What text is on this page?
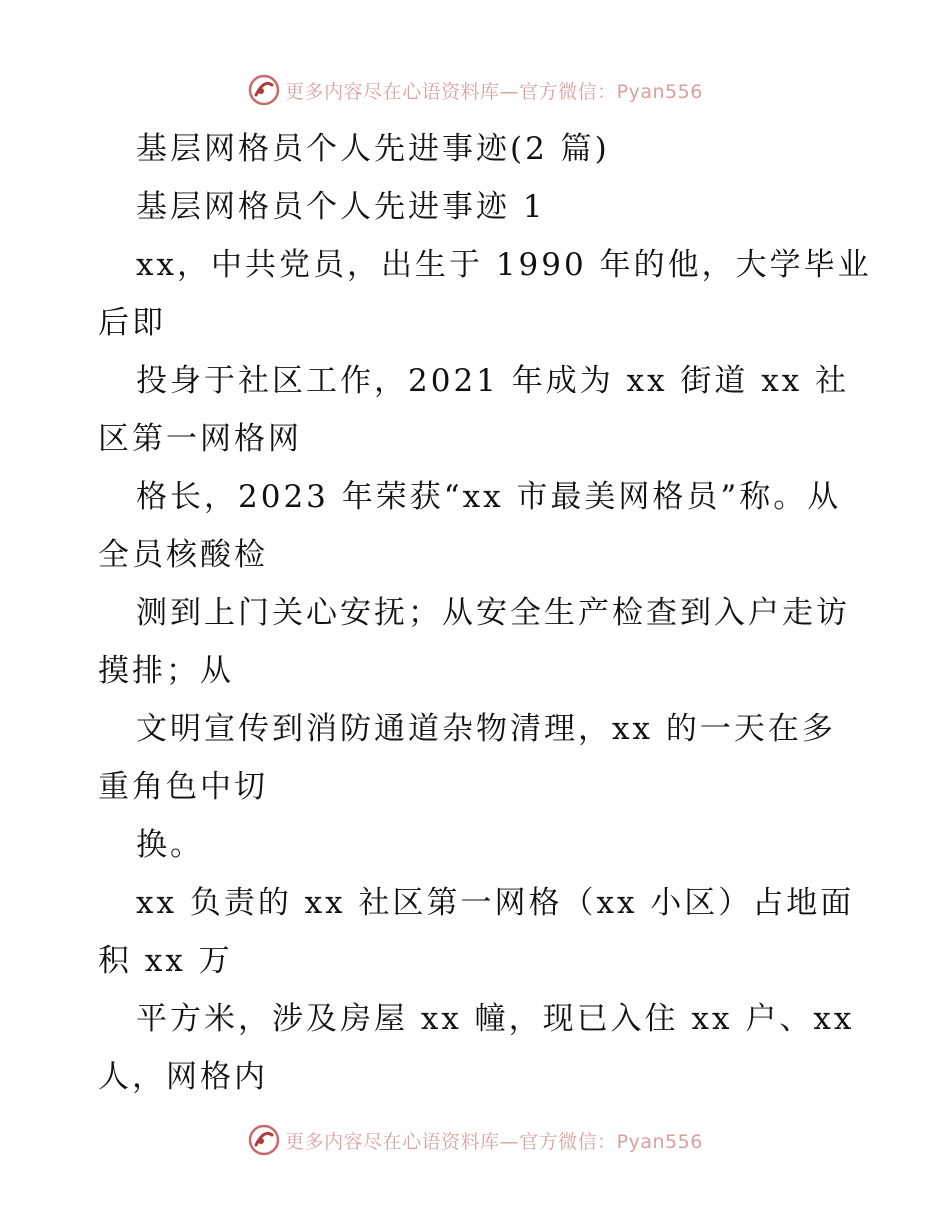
更多内容尽在心语资料库—官方微信：Pyan556
基层网格员个人先进事迹(2 篇)
基层网格员个人先进事迹 1
xx，中共党员，出生于 1990 年的他，大学毕业
后即
投身于社区工作，2021 年成为 xx 街道 xx 社
区第一网格网
格长，2023 年荣获“xx 市最美网格员”称。从
全员核酸检
测到上门关心安抚；从安全生产检查到入户走访
摸排；从
文明宣传到消防通道杂物清理，xx 的一天在多
重角色中切
换。
xx 负责的 xx 社区第一网格（xx 小区）占地面
积 xx 万
平方米，涉及房屋 xx 幢，现已入住 xx 户、xx
人，网格内
更多内容尽在心语资料库—官方微信：Pyan556
